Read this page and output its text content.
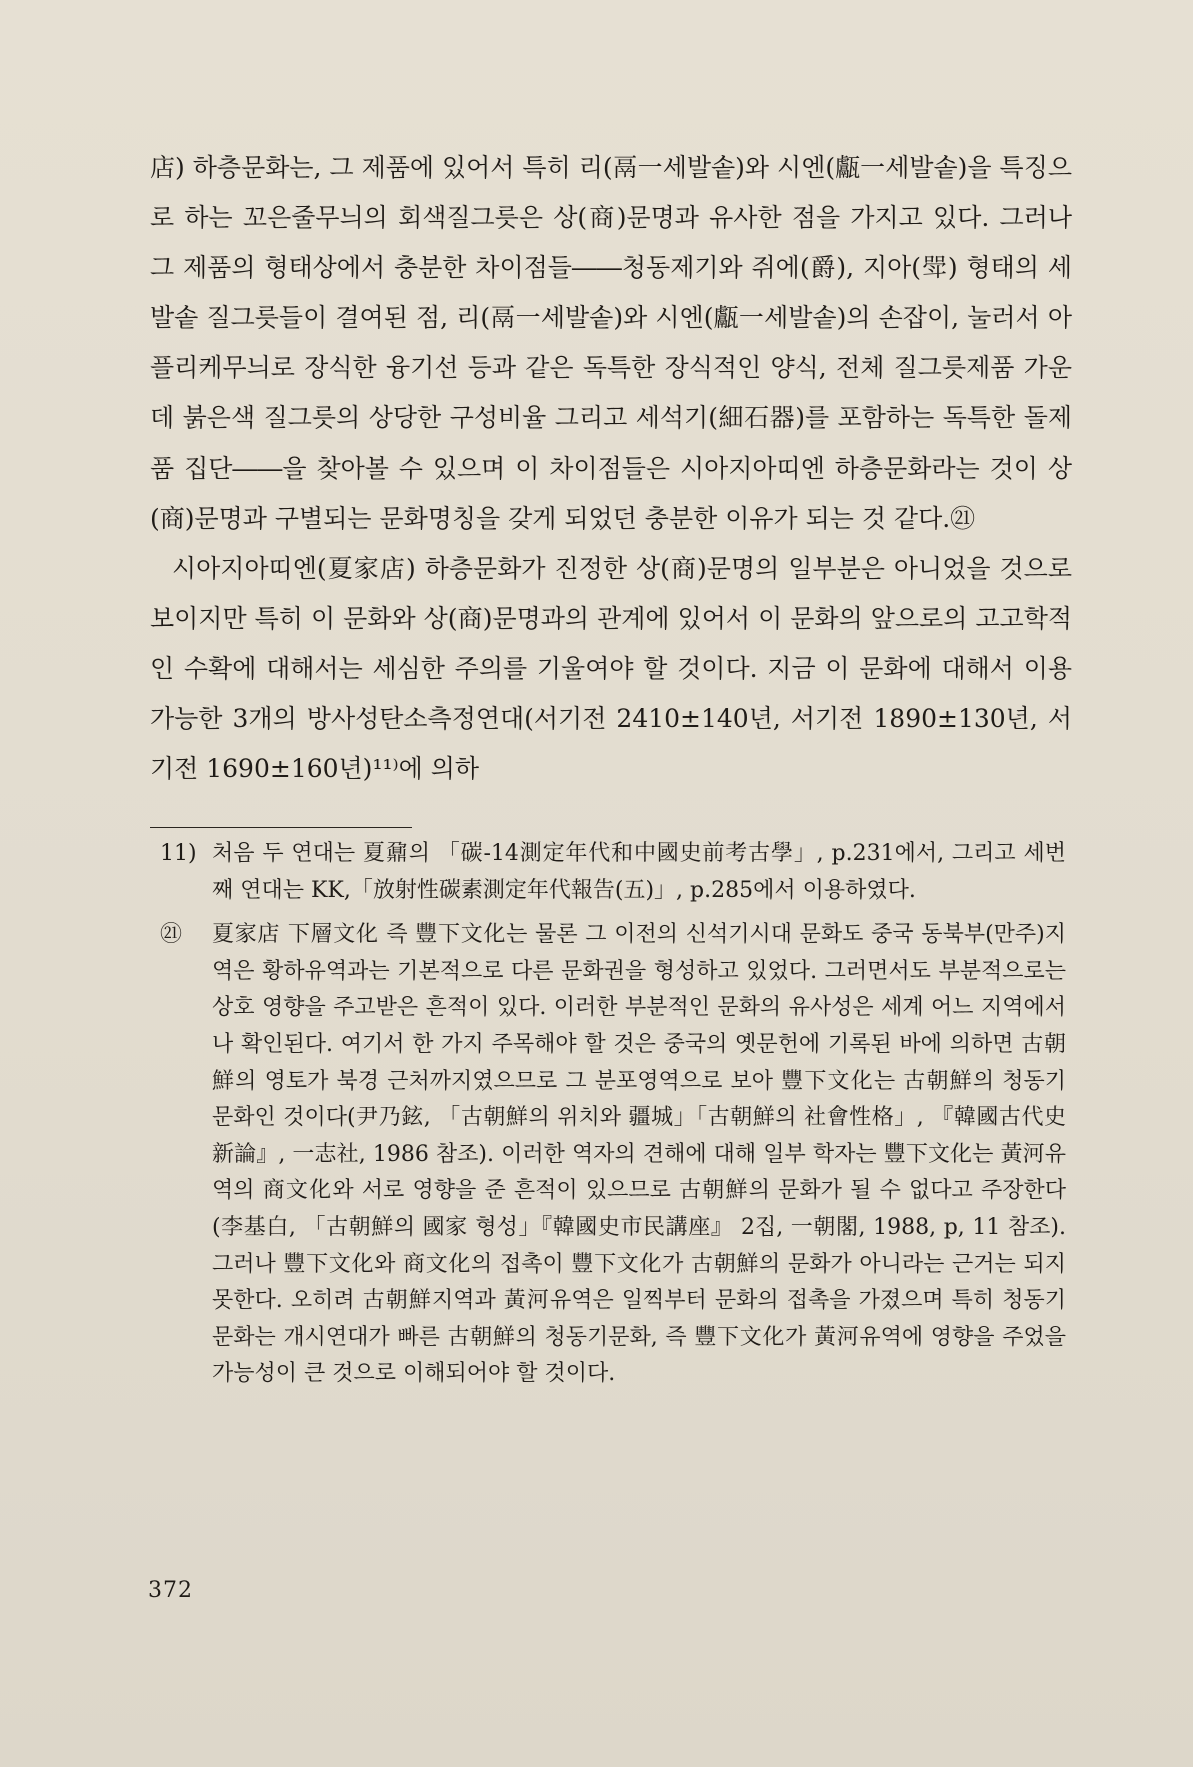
店) 하층문화는, 그 제품에 있어서 특히 리(鬲一세발솥)와 시엔(甗一세발솥)을 특징으로 하는 꼬은줄무늬의 회색질그릇은 상(商)문명과 유사한 점을 가지고 있다. 그러나 그 제품의 형태상에서 충분한 차이점들――청동제기와 쥐에(爵), 지아(斝) 형태의 세발솥 질그릇들이 결여된 점, 리(鬲一세발솥)와 시엔(甗一세발솥)의 손잡이, 눌러서 아플리케무늬로 장식한 융기선 등과 같은 독특한 장식적인 양식, 전체 질그릇제품 가운데 붉은색 질그릇의 상당한 구성비율 그리고 세석기(細石器)를 포함하는 독특한 돌제품 집단――을 찾아볼 수 있으며 이 차이점들은 시아지아띠엔 하층문화라는 것이 상(商)문명과 구별되는 문화명칭을 갖게 되었던 충분한 이유가 되는 것 같다.㉑

시아지아띠엔(夏家店) 하층문화가 진정한 상(商)문명의 일부분은 아니었을 것으로 보이지만 특히 이 문화와 상(商)문명과의 관계에 있어서 이 문화의 앞으로의 고고학적인 수확에 대해서는 세심한 주의를 기울여야 할 것이다. 지금 이 문화에 대해서 이용 가능한 3개의 방사성탄소측정연대(서기전 2410±140년, 서기전 1890±130년, 서기전 1690±160년)¹¹⁾에 의하

11) 처음 두 연대는 夏鼐의 「碳-14測定年代和中國史前考古學」, p.231에서, 그리고 세번째 연대는 KK,「放射性碳素測定年代報告(五)」, p.285에서 이용하였다.
㉑	夏家店 下層文化 즉 豐下文化는 물론 그 이전의 신석기시대 문화도 중국 동북부(만주)지역은 황하유역과는 기본적으로 다른 문화권을 형성하고 있었다. 그러면서도 부분적으로는 상호 영향을 주고받은 흔적이 있다. 이러한 부분적인 문화의 유사성은 세계 어느 지역에서나 확인된다. 여기서 한 가지 주목해야 할 것은 중국의 옛문헌에 기록된 바에 의하면 古朝鮮의 영토가 북경 근처까지였으므로 그 분포영역으로 보아 豐下文化는 古朝鮮의 청동기문화인 것이다(尹乃鉉, 「古朝鮮의 위치와 疆城」「古朝鮮의 社會性格」, 『韓國古代史新論』, 一志社, 1986 참조). 이러한 역자의 견해에 대해 일부 학자는 豐下文化는 黃河유역의 商文化와 서로 영향을 준 흔적이 있으므로 古朝鮮의 문화가 될 수 없다고 주장한다(李基白, 「古朝鮮의 國家 형성」『韓國史市民講座』 2집, 一朝閣, 1988, p, 11 참조). 그러나 豐下文化와 商文化의 접촉이 豐下文化가 古朝鮮의 문화가 아니라는 근거는 되지 못한다. 오히려 古朝鮮지역과 黃河유역은 일찍부터 문화의 접촉을 가졌으며 특히 청동기문화는 개시연대가 빠른 古朝鮮의 청동기문화, 즉 豐下文化가 黃河유역에 영향을 주었을 가능성이 큰 것으로 이해되어야 할 것이다.
372
